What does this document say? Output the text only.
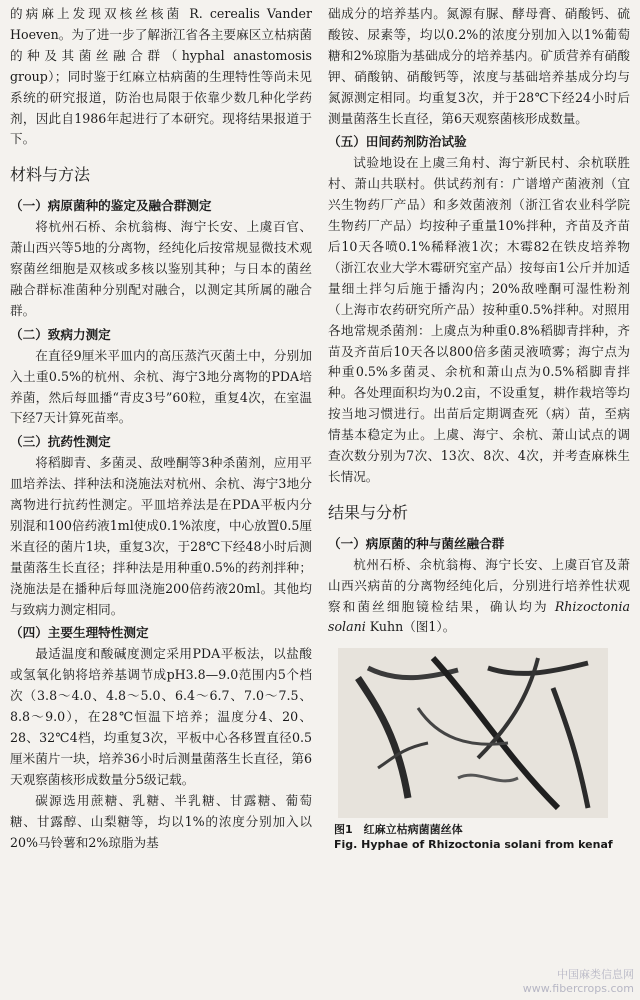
的病麻上发现双核丝核菌 R. cerealis Vander Hoeven。为了进一步了解浙江省各主要麻区立枯病菌的种及其菌丝融合群（hyphal anastomosis group）；同时鉴于红麻立枯病菌的生理特性等尚未见系统的研究报道，防治也局限于依靠少数几种化学药剂，因此自1986年起进行了本研究。现将结果报道于下。

材料与方法
（一）病原菌种的鉴定及融合群测定

将杭州石桥、余杭翁梅、海宁长安、上虞百官、萧山西兴等5地的分离物，经纯化后按常规显微技术观察菌丝细胞是双核或多核以鉴别其种；与日本的菌丝融合群标准菌种分别配对融合，以测定其所属的融合群。

（二）致病力测定

在直径9厘米平皿内的高压蒸汽灭菌土中，分别加入土重0.5%的杭州、余杭、海宁3地分离物的PDA培养菌，然后每皿播“青皮3号”60粒，重复4次，在室温下经7天计算死苗率。

（三）抗药性测定

将稻脚青、多菌灵、敌唑酮等3种杀菌剂，应用平皿培养法、拌种法和浇施法对杭州、余杭、海宁3地分离物进行抗药性测定。平皿培养法是在PDA平板内分别混和100倍药液1ml使成0.1%浓度，中心放置0.5厘米直径的菌片1块，重复3次，于28℃下经48小时后测量菌落生长直径；拌种法是用种重0.5%的药剂拌种；浇施法是在播种后每皿浇施200倍药液20ml。其他均与致病力测定相同。

（四）主要生理特性测定

最适温度和酸碱度测定采用PDA平板法，以盐酸或氢氧化钠将培养基调节成pH3.8—9.0范围内5个档次（3.8～4.0、4.8～5.0、6.4～6.7、7.0～7.5、8.8～9.0），在28℃恒温下培养；温度分4、20、28、32℃4档，均重复3次，平板中心各移置直径0.5厘米菌片一块，培养36小时后测量菌落生长直径，第6天观察菌核形成数量分5级记载。

碳源选用蔗糖、乳糖、半乳糖、甘露糖、葡萄糖、甘露醇、山梨糖等，均以1%的浓度分别加入以20%马铃薯和2%琼脂为基

础成分的培养基内。氮源有脲、酵母膏、硝酸钙、硫酸铵、尿素等，均以0.2%的浓度分别加入以1%葡萄糖和2%琼脂为基础成分的培养基内。矿质营养有硝酸钾、硝酸钠、硝酸钙等，浓度与基础培养基成分均与氮源测定相同。均重复3次，并于28℃下经24小时后测量菌落生长直径，第6天观察菌核形成数量。

（五）田间药剂防治试验

试验地设在上虞三角村、海宁新民村、余杭联胜村、萧山共联村。供试药剂有：广谱增产菌液剂（宜兴生物药厂产品）和多效菌液剂（浙江省农业科学院生物药厂产品）均按种子重量10%拌种，齐苗及齐苗后10天各喷0.1%稀释液1次；木霉82在铁皮培养物（浙江农业大学木霉研究室产品）按每亩1公斤并加适量细土拌匀后施于播沟内；20%敌唑酮可湿性粉剂（上海市农药研究所产品）按种重0.5%拌种。对照用各地常规杀菌剂：上虞点为种重0.8%稻脚青拌种，齐苗及齐苗后10天各以800倍多菌灵液喷雾；海宁点为种重0.5%多菌灵、余杭和萧山点为0.5%稻脚青拌种。各处理面积均为0.2亩，不设重复，耕作栽培等均按当地习惯进行。出苗后定期调查死（病）苗，至病情基本稳定为止。上虞、海宁、余杭、萧山试点的调查次数分别为7次、13次、8次、4次，并考查麻株生长情况。

结果与分析
（一）病原菌的种与菌丝融合群

杭州石桥、余杭翁梅、海宁长安、上虞百官及萧山西兴病苗的分离物经纯化后，分别进行培养性状观察和菌丝细胞镜检结果，确认均为 Rhizoctonia solani Kuhn（图1）。

图1　 红麻立枯病菌菌丝体
Fig. Hyphae of Rhizoctonia solani from kenaf
中国麻类信息网
www.fibercrops.com
